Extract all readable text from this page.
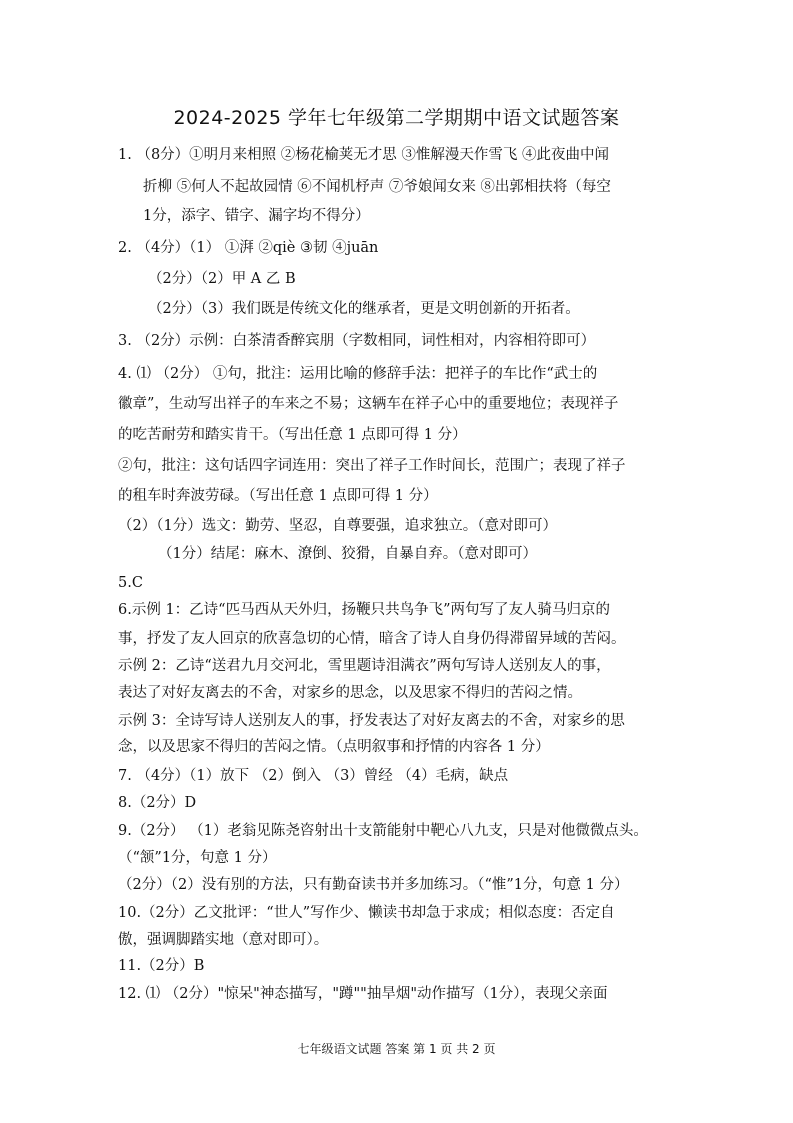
2024-2025 学年七年级第二学期期中语文试题答案
1. （8分）①明月来相照 ②杨花榆荚无才思 ③惟解漫天作雪飞 ④此夜曲中闻
折柳 ⑤何人不起故园情 ⑥不闻机杼声 ⑦爷娘闻女来 ⑧出郭相扶将（每空
1分，添字、错字、漏字均不得分）
2. （4分）（1） ①湃 ②qiè ③韧 ④juān
（2分）（2）甲 A 乙 B
（2分）（3）我们既是传统文化的继承者，更是文明创新的开拓者。
3. （2分）示例：白茶清香醉宾朋（字数相同，词性相对，内容相符即可）
4. ⑴ （2分） ①句，批注：运用比喻的修辞手法：把祥子的车比作“武士的
徽章”，生动写出祥子的车来之不易；这辆车在祥子心中的重要地位；表现祥子
的吃苦耐劳和踏实肯干。（写出任意 1 点即可得 1 分）
②句，批注：这句话四字词连用：突出了祥子工作时间长，范围广；表现了祥子
的租车时奔波劳碌。（写出任意 1 点即可得 1 分）
（2）（1分）选文：勤劳、坚忍，自尊要强，追求独立。（意对即可）
（1分）结尾：麻木、潦倒、狡猾，自暴自弃。（意对即可）
5.C
6.示例 1：乙诗“匹马西从天外归，扬鞭只共鸟争飞”两句写了友人骑马归京的
事，抒发了友人回京的欣喜急切的心情，暗含了诗人自身仍得滞留异域的苦闷。
示例 2：乙诗“送君九月交河北，雪里题诗泪满衣”两句写诗人送别友人的事，
表达了对好友离去的不舍，对家乡的思念，以及思家不得归的苦闷之情。
示例 3：全诗写诗人送别友人的事，抒发表达了对好友离去的不舍，对家乡的思
念，以及思家不得归的苦闷之情。（点明叙事和抒情的内容各 1 分）
7. （4分）（1）放下 （2）倒入 （3）曾经 （4）毛病，缺点
8.（2分）D
9.（2分） （1）老翁见陈尧咨射出十支箭能射中靶心八九支，只是对他微微点头。
（“颔”1分，句意 1 分）
（2分）（2）没有别的方法，只有勤奋读书并多加练习。（“惟”1分，句意 1 分）
10.（2分）乙文批评：“世人”写作少、懒读书却急于求成；相似态度：否定自
傲，强调脚踏实地（意对即可）。
11.（2分）B
12. ⑴ （2分）"惊呆"神态描写，"蹲""抽旱烟"动作描写（1分），表现父亲面
七年级语文试题 答案 第 1 页 共 2 页
